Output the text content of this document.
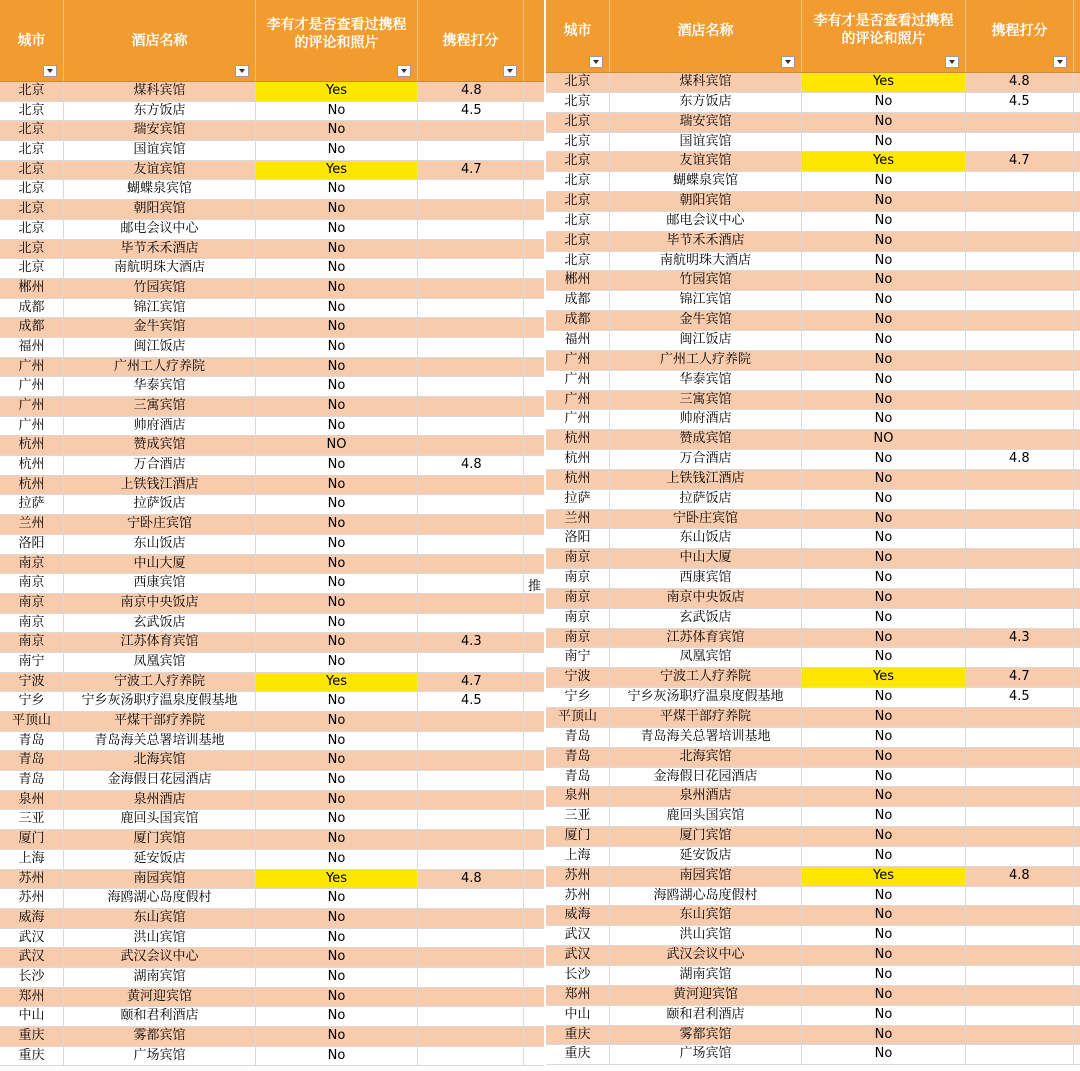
城市	酒店名称
李有才是否查看过携程
的评论和照片	携程打分
北京	煤科宾馆	Yes	4.8
北京	东方饭店	No	4.5
北京	瑞安宾馆	No
北京	国谊宾馆	No
北京	友谊宾馆	Yes	4.7
北京	蝴蝶泉宾馆	No
北京	朝阳宾馆	No
北京	邮电会议中心	No
北京	毕节禾禾酒店	No
北京	南航明珠大酒店	No
郴州	竹园宾馆	No
成都	锦江宾馆	No
成都	金牛宾馆	No
福州	闽江饭店	No
广州	广州工人疗养院	No
广州	华泰宾馆	No
广州	三寓宾馆	No
广州	帅府酒店	No
杭州	赞成宾馆	NO
杭州	万合酒店	No	4.8
杭州	上铁钱江酒店	No
拉萨	拉萨饭店	No
兰州	宁卧庄宾馆	No
洛阳	东山饭店	No
南京	中山大厦	No
南京	西康宾馆	No
南京	南京中央饭店	No
南京	玄武饭店	No
南京	江苏体育宾馆	No	4.3
南宁	凤凰宾馆	No
宁波	宁波工人疗养院	Yes	4.7
宁乡	宁乡灰汤职疗温泉度假基地	No	4.5
平顶山	平煤干部疗养院	No
青岛	青岛海关总署培训基地	No
青岛	北海宾馆	No
青岛	金海假日花园酒店	No
泉州	泉州酒店	No
三亚	鹿回头国宾馆	No
厦门	厦门宾馆	No
上海	延安饭店	No
苏州	南园宾馆	Yes	4.8
苏州	海鸥湖心岛度假村	No
威海	东山宾馆	No
武汉	洪山宾馆	No
武汉	武汉会议中心	No
长沙	湖南宾馆	No
郑州	黄河迎宾馆	No
中山	颐和君利酒店	No
重庆	雾都宾馆	No
重庆	广场宾馆	No
推
城市	酒店名称
李有才是否查看过携程
的评论和照片	携程打分
北京	煤科宾馆	Yes	4.8
北京	东方饭店	No	4.5
北京	瑞安宾馆	No
北京	国谊宾馆	No
北京	友谊宾馆	Yes	4.7
北京	蝴蝶泉宾馆	No
北京	朝阳宾馆	No
北京	邮电会议中心	No
北京	毕节禾禾酒店	No
北京	南航明珠大酒店	No
郴州	竹园宾馆	No
成都	锦江宾馆	No
成都	金牛宾馆	No
福州	闽江饭店	No
广州	广州工人疗养院	No
广州	华泰宾馆	No
广州	三寓宾馆	No
广州	帅府酒店	No
杭州	赞成宾馆	NO
杭州	万合酒店	No	4.8
杭州	上铁钱江酒店	No
拉萨	拉萨饭店	No
兰州	宁卧庄宾馆	No
洛阳	东山饭店	No
南京	中山大厦	No
南京	西康宾馆	No
南京	南京中央饭店	No
南京	玄武饭店	No
南京	江苏体育宾馆	No	4.3
南宁	凤凰宾馆	No
宁波	宁波工人疗养院	Yes	4.7
宁乡	宁乡灰汤职疗温泉度假基地	No	4.5
平顶山	平煤干部疗养院	No
青岛	青岛海关总署培训基地	No
青岛	北海宾馆	No
青岛	金海假日花园酒店	No
泉州	泉州酒店	No
三亚	鹿回头国宾馆	No
厦门	厦门宾馆	No
上海	延安饭店	No
苏州	南园宾馆	Yes	4.8
苏州	海鸥湖心岛度假村	No
威海	东山宾馆	No
武汉	洪山宾馆	No
武汉	武汉会议中心	No
长沙	湖南宾馆	No
郑州	黄河迎宾馆	No
中山	颐和君利酒店	No
重庆	雾都宾馆	No
重庆	广场宾馆	No
